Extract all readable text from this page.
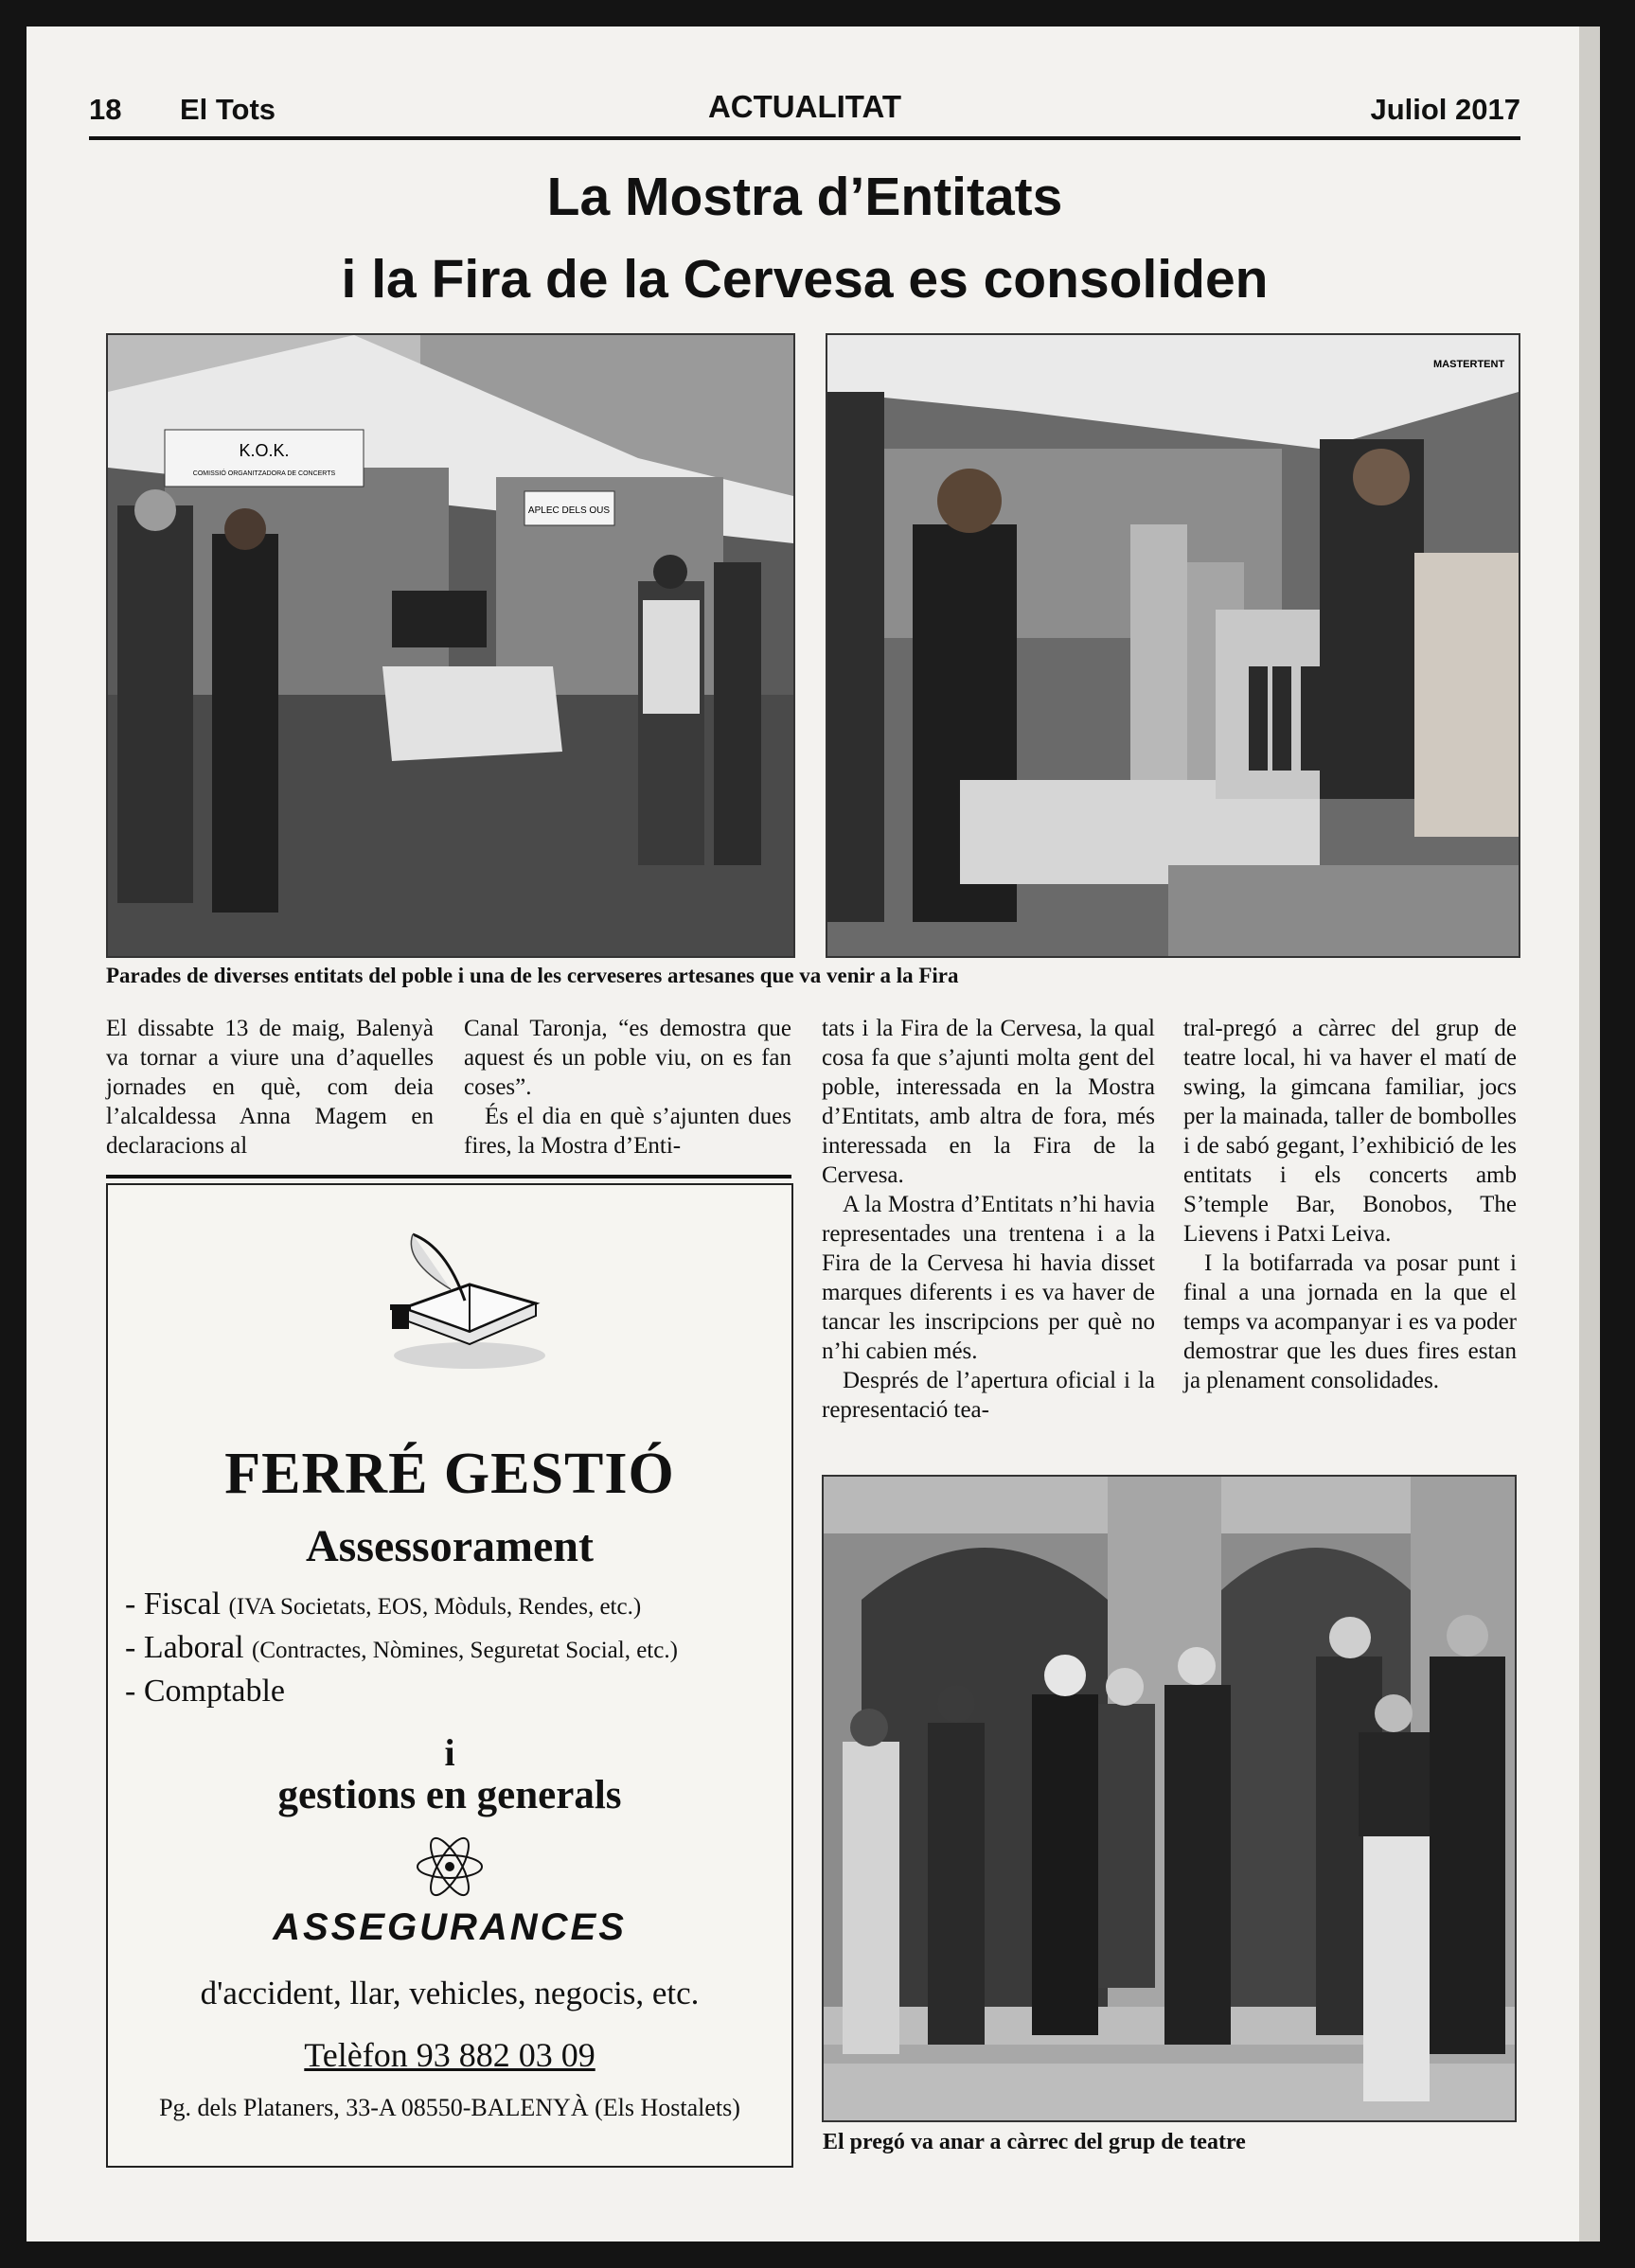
18 El Tots	ACTUALITAT	Juliol 2017
La Mostra d’Entitats
i la Fira de la Cervesa es consoliden
K.O.K.
COMISSIÓ ORGANITZADORA DE CONCERTS
APLEC DELS OUS
MASTERTENT
Parades de diverses entitats del poble i una de les cerveseres artesanes que va venir a la Fira

El dissabte 13 de maig, Balenyà va tornar a viure una d’aquelles jornades en què, com deia l’alcaldessa Anna Magem en declaracions al

Canal Taronja, “es demostra que aquest és un poble viu, on es fan coses”.

És el dia en què s’ajunten dues fires, la Mostra d’Enti-

tats i la Fira de la Cervesa, la qual cosa fa que s’ajunti molta gent del poble, interessada en la Mostra d’Entitats, amb altra de fora, més interessada en la Fira de la Cervesa.

A la Mostra d’Entitats n’hi havia representades una trentena i a la Fira de la Cervesa hi havia disset marques diferents i es va haver de tancar les inscripcions per què no n’hi cabien més.

Després de l’apertura oficial i la representació tea-

tral-pregó a càrrec del grup de teatre local, hi va haver el matí de swing, la gimcana familiar, jocs per la mainada, taller de bombolles i de sabó gegant, l’exhibició de les entitats i els concerts amb S’temple Bar, Bonobos, The Lievens i Patxi Leiva.

I la botifarrada va posar punt i final a una jornada en la que el temps va acompanyar i es va poder demostrar que les dues fires estan ja plenament consolidades.

FERRÉ GESTIÓ
Assessorament
- Fiscal (IVA Societats, EOS, Mòduls, Rendes, etc.)
- Laboral (Contractes, Nòmines, Seguretat Social, etc.)
- Comptable
i
gestions en generals
ASSEGURANCES
d'accident, llar, vehicles, negocis, etc.
Telèfon 93 882 03 09
Pg. dels Plataners, 33-A 08550-BALENYÀ (Els Hostalets)
El pregó va anar a càrrec del grup de teatre
